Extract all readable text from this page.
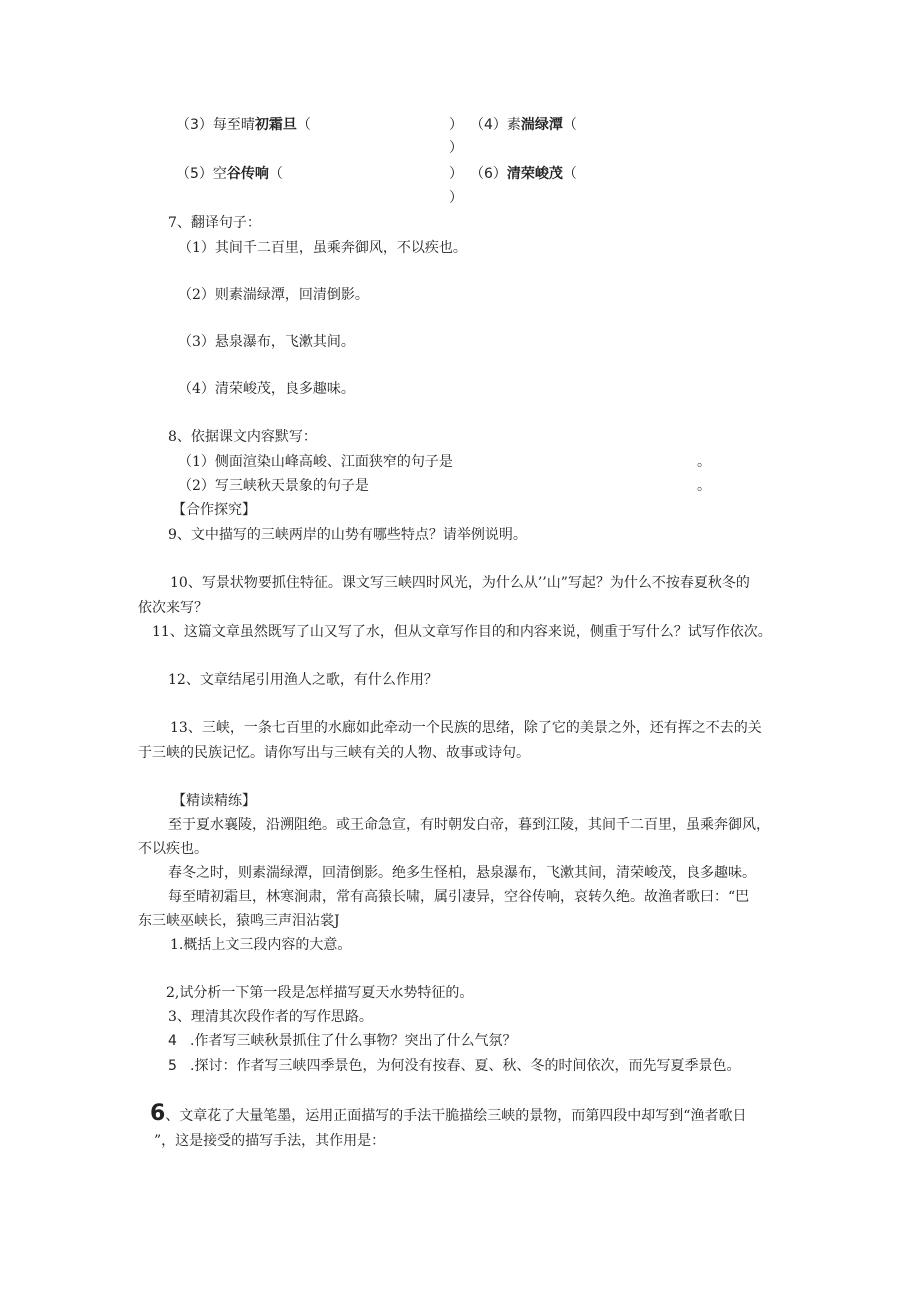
（3）每至晴初霜旦（	） （4）素湍绿潭（
）
（5）空谷传响（	） （6）清荣峻茂（
）
7、翻译句子：
（1）其间千二百里，虽乘奔御风，不以疾也。
（2）则素湍绿潭，回清倒影。
（3）悬泉瀑布，飞漱其间。
（4）清荣峻茂，良多趣味。
8、依据课文内容默写：
（1）侧面渲染山峰高峻、江面狭窄的句子是	。
（2）写三峡秋天景象的句子是	。
【合作探究】
9、文中描写的三峡两岸的山势有哪些特点？请举例说明。
10、写景状物要抓住特征。课文写三峡四时风光，为什么从’’山”写起？为什么不按春夏秋冬的
依次来写？
11、这篇文章虽然既写了山又写了水，但从文章写作目的和内容来说，侧重于写什么？试写作依次。
12、文章结尾引用渔人之歌，有什么作用？
13、三峡，一条七百里的水廊如此牵动一个民族的思绪，除了它的美景之外，还有挥之不去的关
于三峡的民族记忆。请你写出与三峡有关的人物、故事或诗句。
【精读精练】
至于夏水襄陵，沿溯阻绝。或王命急宣，有时朝发白帝，暮到江陵，其间千二百里，虽乘奔御风，
不以疾也。
春冬之时，则素湍绿潭，回清倒影。绝多生怪柏，悬泉瀑布，飞漱其间，清荣峻茂，良多趣味。
每至晴初霜旦，林寒涧肃，常有高猿长啸，属引凄异，空谷传响，哀转久绝。故渔者歌曰：“巴
东三峡巫峡长，猿鸣三声泪沾裳J
1.概括上文三段内容的大意。
2,试分析一下第一段是怎样描写夏天水势特征的。
3、理清其次段作者的写作思路。
4 .作者写三峡秋景抓住了什么事物？突出了什么气氛？
5 .探讨：作者写三峡四季景色，为何没有按春、夏、秋、冬的时间依次，而先写夏季景色。
6、文章花了大量笔墨，运用正面描写的手法干脆描绘三峡的景物，而第四段中却写到“渔者歌日
”，这是接受的描写手法，其作用是：
